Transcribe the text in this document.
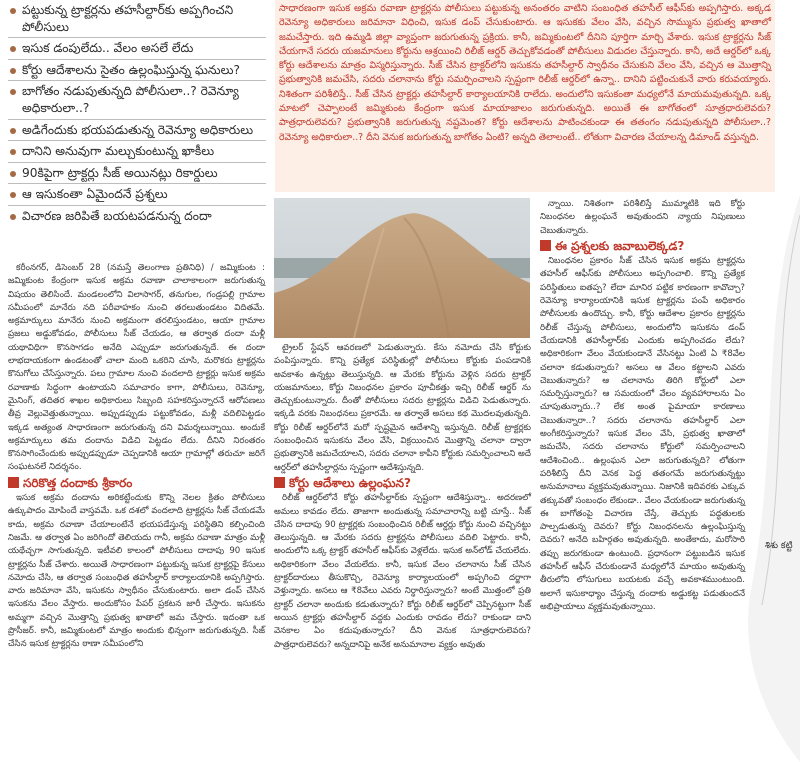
పట్టుకున్న ట్రాక్టర్లను తహసీల్దార్‌కు అప్పగించని పోలీసులు
ఇసుక డంపులేదు.. వేలం అసలే లేదు
కోర్టు ఆదేశాలను సైతం ఉల్లంఘిస్తున్న ఘనులు?
బాగోతం నడుపుతున్నది పోలీసులా..? రెవెన్యూ అధికారులా..?
అడిగేందుకు భయపడుతున్న రెవెన్యూ అధికారులు
దానిని అనువుగా మల్చుకుంటున్న ఖాకీలు
90కిపైగా ట్రాక్టర్లు సీజ్ అయినట్లు రికార్డులు
ఆ ఇసుకంతా ఏమైందనే ప్రశ్నలు
విచారణ జరిపితే బయటపడనున్న దందా
సాధారణంగా ఇసుక అక్రమ రవాణా ట్రాక్టర్లను పోలీసులు పట్టుకున్న అనంతరం వాటిని సంబంధిత తహసీల్ ఆఫీస్‌కు అప్పగిస్తారు. అక్కడ రెవెన్యూ అధికారులు జరిమానా విధించి, ఇసుక డంప్ చేసుకుంటారు. ఆ ఇసుకకు వేలం వేసి, వచ్చిన సొమ్మును ప్రభుత్వ ఖాతాలో జమచేస్తారు. ఇది ఉమ్మడి జిల్లా వ్యాప్తంగా జరుగుతున్న ప్రక్రియ. కానీ, జమ్మికుంటలో దీనిని పూర్తిగా మార్చి వేశారు. ఇసుక ట్రాక్టర్లను సీజ్ చేయగానే సదరు యజమానులు కోర్టును ఆశ్రయించి రిలీజ్ ఆర్డర్ తెచ్చుకోవడంతో పోలీసులు విడుదల చేస్తున్నారు. కానీ, అదే ఆర్డర్‌లో ఒక్క కోర్టు ఆదేశాలను మాత్రం విస్మరిస్తున్నారు. సీజ్ చేసిన ట్రాక్టర్‌లోని ఇసుకను తహసీల్దార్ స్వాధీనం చేసుకుని వేలం వేసి, వచ్చిన ఆ మొత్తాన్ని ప్రభుత్వానికి జమచేసి, సదరు చలానాను కోర్టు సమర్పించాలని స్పష్టంగా రిలీజ్ ఆర్డర్‌లో ఉన్నా.. దానిని పట్టించుకునే వారు కరువయ్యారు. నిశితంగా పరిశీలిస్తే.. సీజ్ చేసిన ట్రాక్టర్లు తహసీల్దార్ కార్యాలయానికి రాలేదు. అందులోని ఇసుకంతా మధ్యలోనే మాయమవుతున్నది. ఒక్క మాటలో చెప్పాలంటే జమ్మికుంట కేంద్రంగా ఇసుక మాయాజాలం జరుగుతున్నది. అయితే ఈ బాగోతంలో సూత్రధారులెవరు? పాత్రధారులెవరు? ప్రభుత్వానికి జరుగుతున్న నష్టమెంత? కోర్టు ఆదేశాలను పాటించకుండా ఈ తతంగం నడుపుతున్నది పోలీసులా..? రెవెన్యూ అధికారులా..? దీని వెనుక జరుగుతున్న బాగోతం ఏంటి? అన్నది తెలాలంటే.. లోతుగా విచారణ చేయాలన్న డిమాండ్ వస్తున్నది.

కరీంనగర్, డిసెంబర్ 28 (నమస్తే తెలంగాణ ప్రతినిధి) / జమ్మికుంట : జమ్మికుంట కేంద్రంగా ఇసుక అక్రమ రవాణా చాలాకాలంగా జరుగుతున్న విషయం తెలిసిందే. మండలంలోని విలాసాగర్, తనుగుల, గండ్రపల్లి గ్రామాల సమీపంలో మానేరు నది పరీవాహకం నుంచి తరలుతుండటం విదితమే. అక్రమార్కులు మానేరు నుంచి అక్రమంగా తరలిస్తుండటం, ఆయా గ్రామాల ప్రజలు అడ్డుకోవడం, పోలీసులు సీజ్ చేయడం, ఆ తర్వాత దందా మళ్లీ యథావిధిగా కొనసాగడం అనేది ఎప్పుడూ జరుగుతున్నదే. ఈ దందా లాభదాయకంగా ఉండటంతో చాలా మంది ఒకరిని చూసి, మరొకరు ట్రాక్టర్లను కొనుగోలు చేసేస్తున్నారు. పలు గ్రామాల నుంచి వందలాది ట్రాక్టర్లు ఇసుక అక్రమ రవాణాకు సిద్ధంగా ఉంటాయని సమాచారం కాగా, పోలీసులు, రెవెన్యూ, మైనింగ్, తదితర శాఖల అధికారులు సిబ్బంది సహకరిస్తున్నారనే ఆరోపణలు తీవ్ర వెల్లువెత్తుతున్నాయి. అప్పుడప్పుడు పట్టుకోవడం, మళ్లీ వదిలిపెట్టడం ఇక్కడ అత్యంత సాధారణంగా జరుగుతున్న దని విమర్శలున్నాయి. అందుకే అక్రమార్కులు తమ దందాను విడిచి పెట్టడం లేదు. దీనిని నిరంతరం కొనసాగించేందుకు అప్పుడప్పుడూ చెప్పడానికి ఆయా గ్రామాల్లో తరుచూ జరిగే సంఘటనలే నిదర్శనం.

సరికొత్త దందాకు శ్రీకారం

ఇసుక అక్రమ దందాను అరికట్టేందుకు కొన్ని నెలల క్రితం పోలీసులు ఉక్కుపాదం మోపిందే వాస్తవమే. ఒక దశలో వందలాది ట్రాక్టర్లను సీజ్ చేయడమే కాదు, అక్రమ రవాణా చేయాలంటేనే భయపడేస్తున్న పరిస్థితిని కల్పించింది నిజమే. ఆ తర్వాత ఏం జరిగిందో తెలియదు గానీ, అక్రమ రవాణా మాత్రం మళ్లీ యథేచ్ఛగా సాగుతున్నది. ఇటీవలి కాలంలో పోలీసులు దాదాపు 90 ఇసుక ట్రాక్టర్లను సీజ్ చేశారు. అయితే సాధారణంగా పట్టుకున్న ఇసుక ట్రాక్టర్లపై కేసులు నమోదు చేసి, ఆ తర్వాత సంబంధిత తహసీల్దార్ కార్యాలయానికి అప్పగిస్తారు. వారు జరిమానా వేసి, ఇసుకను స్వాధీనం చేసుకుంటారు. అలా డంప్ చేసిన ఇసుకను వేలం వేస్తారు. అందుకోసం పేపర్ ప్రకటన జారీ చేస్తారు. ఇసుకను అమ్మగా వచ్చిన మొత్తాన్ని ప్రభుత్వ ఖాతాలో జమ చేస్తారు. ఇదంతా ఒక ప్రొసీజర్. కానీ, జమ్మికుంటలో మాత్రం అందుకు భిన్నంగా జరుగుతున్నది. సీజ్ చేసిన ఇసుక ట్రాక్టర్లను ఠాణా సమీపంలోని

ట్రైలర్ స్టేషన్ ఆవరణలో పెడుతున్నారు. కేసు నమోదు చేసి కోర్టుకు పంపిస్తున్నారు. కొన్ని ప్రత్యేక పరిస్థితుల్లో పోలీసులు కోర్టుకు పంపడానికి అవకాశం ఉన్నట్లు తెలుస్తున్నది. ఆ మేరకు కోర్టును వెళ్లిన సదరు ట్రాక్టర్ యజమానులు, కోర్టు నిబంధనల ప్రకారం పూచీకత్తు ఇచ్చి రిలీజ్ ఆర్డర్ ను తెచ్చుకుంటున్నారు. దీంతో పోలీసులు సదరు ట్రాక్టర్లను విడిచి పెడుతున్నారు. ఇక్కడి వరకు నిబంధనలు ప్రకారమే. ఆ తర్వాతే అసలు కథ మొదలవుతున్నది. కోర్టు రిలీజ్ ఆర్డర్‌లోనే మరో స్పష్టమైన ఆదేశాన్ని ఇస్తున్నది. రిలీజ్ ట్రాక్టర్లకు సంబంధించిన ఇసుకను వేలం వేసి, విక్రయించిన మొత్తాన్ని చలానా ద్వారా ప్రభుత్వానికి జమచేయాలని, సదరు చలానా కాపీని కోర్టుకు సమర్పించాలని అదే ఆర్డర్‌లో తహసీల్దార్లను స్పష్టంగా ఆదేశిస్తున్నది.

కోర్టు ఆదేశాలు ఉల్లంఘన?

రిలీజ్ ఆర్డర్‌లోనే కోర్టు తహసీల్దార్‌కు స్పష్టంగా ఆదేశిస్తున్నా.. అదరణలో అమలు కావడం లేదు. తాజాగా అందుతున్న సమాచారాన్ని బట్టి చూస్తే.. సీజ్ చేసిన దాదాపు 90 ట్రాక్టర్లకు సంబంధించిన రిలీజ్ ఆర్డర్లు కోర్టు నుంచి వచ్చినట్టు తెలుస్తున్నది. ఆ మేరకు సదరు ట్రాక్టర్లను పోలీసులు వదిలి పెట్టారు. కానీ, అందులోని ఒక్క ట్రాక్టర్ తహసీల్ ఆఫీస్‌కు వెళ్లలేదు. ఇసుక అన్‌లోడ్ చేయలేదు. అధికారికంగా వేలం వేయలేదు. కానీ, ఇసుక వేలం చలానాను సీజ్ చేసిన ట్రాక్టర్‌దారులు తీసుకొచ్చి, రెవెన్యూ కార్యాలయంలో అప్పగించి దర్జాగా వెళ్తున్నారు. అసలు ఆ ₹8వేలు ఎవరు నిర్ధారిస్తున్నారు? అంటే మొత్తంలో ప్రతి ట్రాక్టర్ చలానా అందుకు కడుతున్నారు? కోర్టు రిలీజ్ ఆర్డర్‌లో చెప్పినట్టుగా సీజ్ అయిన ట్రాక్టర్లు తహసీల్దార్ వద్దకు ఎందుకు రావడం లేదు? రాకుండా దాని వెనకాల ఏం కదుపుతున్నారు? దీని వెనుక సూత్రధారులెవరు? పాత్రధారులెవరు? అన్నదానిపై అనేక అనుమానాల వ్యక్తం అవుతు

న్నాయి. నిశితంగా పరిశీలిస్తే ముమ్మాటికి ఇది కోర్టు నిబంధనల ఉల్లంఘనే అవుతుందని న్యాయ నిపుణులు చెబుతున్నారు.

ఈ ప్రశ్నలకు జవాబులెక్కడ?

నిబంధనల ప్రకారం సీజ్ చేసిన ఇసుక అక్రమ ట్రాక్టర్లను తహసీల్ ఆఫీస్‌కు పోలీసులు అప్పగించాలి. కొన్ని ప్రత్యేక పరిస్థితులు ఐతప్ప? లేదా మానిర పట్టిక కారణంగా కావొచ్చా? రెవెన్యూ కార్యాలయానికి ఇసుక ట్రాక్టర్లను పంపే అధికారం పోలీసులకు ఉందొచ్చు. కానీ, కోర్టు ఆదేశాల ప్రకారం ట్రాక్టర్లను రిలీజ్ చేస్తున్న పోలీసులు, అందులోని ఇసుకను డంప్ చేయడానికి తహసీల్దార్‌కు ఎందుకు అప్పగించడం లేదు? అధికారికంగా వేలం వేయకుండానే వేసినట్టు ఏంటి ఏ ₹8వేల చలానా కడుతున్నారు? అసలు ఆ వేలం కట్టాలని ఎవరు చెబుతున్నారు? ఆ చలానాను తిరిగి కోర్టులో ఎలా సమర్పిస్తున్నారు? ఆ సమయంలో వేలం వ్యవహారాలను ఏం చూపుతున్నారు..? లేక అంత పైమాయా కారణాలు చెబుతున్నారా..? సదరు చలానాను తహసీల్దార్ ఎలా అంగీకరిస్తున్నారు? ఇసుక వేలం వేసి, ప్రభుత్వ ఖాతాలో జమచేసి, సదరు చలానాను కోర్టులో సమర్పించాలని ఆదేశించింది.. ఉల్లంఘన ఎలా జరుగుతున్నది? లోతుగా పరిశీలిస్తే దీని వెనక పెద్ద తతంగమే జరుగుతున్నట్టు అనుమానాలు వ్యక్తమవుతున్నాయి. నిజానికి ఇదివరకు ఎక్కువ తక్కువతో సంబంధం లేకుండా.. వేలం వేయకుండా జరుగుతున్న ఈ బాగోతంపై విచారణ చేస్తే, తెచ్చుకు పద్ధతులకు పాల్పడుతున్న దెవరు? కోర్టు నిబంధనలను ఉల్లంఘిస్తున్న దెవరు? అనేది బహిర్గతం అవుతున్నది. అంతేకాదు, మరోసారి తప్పు జరుగకుండా ఉంటుంది. ప్రధానంగా పట్టుబడిన ఇసుక తహసీల్ ఆఫీస్ చేరుకుండానే మధ్యలోనే మాయం అవుతున్న తీరులోని లోసుగులు బయటకు వచ్చే అవకాశముంటుంది. అలాగే ఇసుకాధ్యాం చేస్తున్న దందాకు అడ్డుకట్ట పడుతుందనే అభిప్రాయాలు వ్యక్తమవుతున్నాయి.

శిశు కట్టి
